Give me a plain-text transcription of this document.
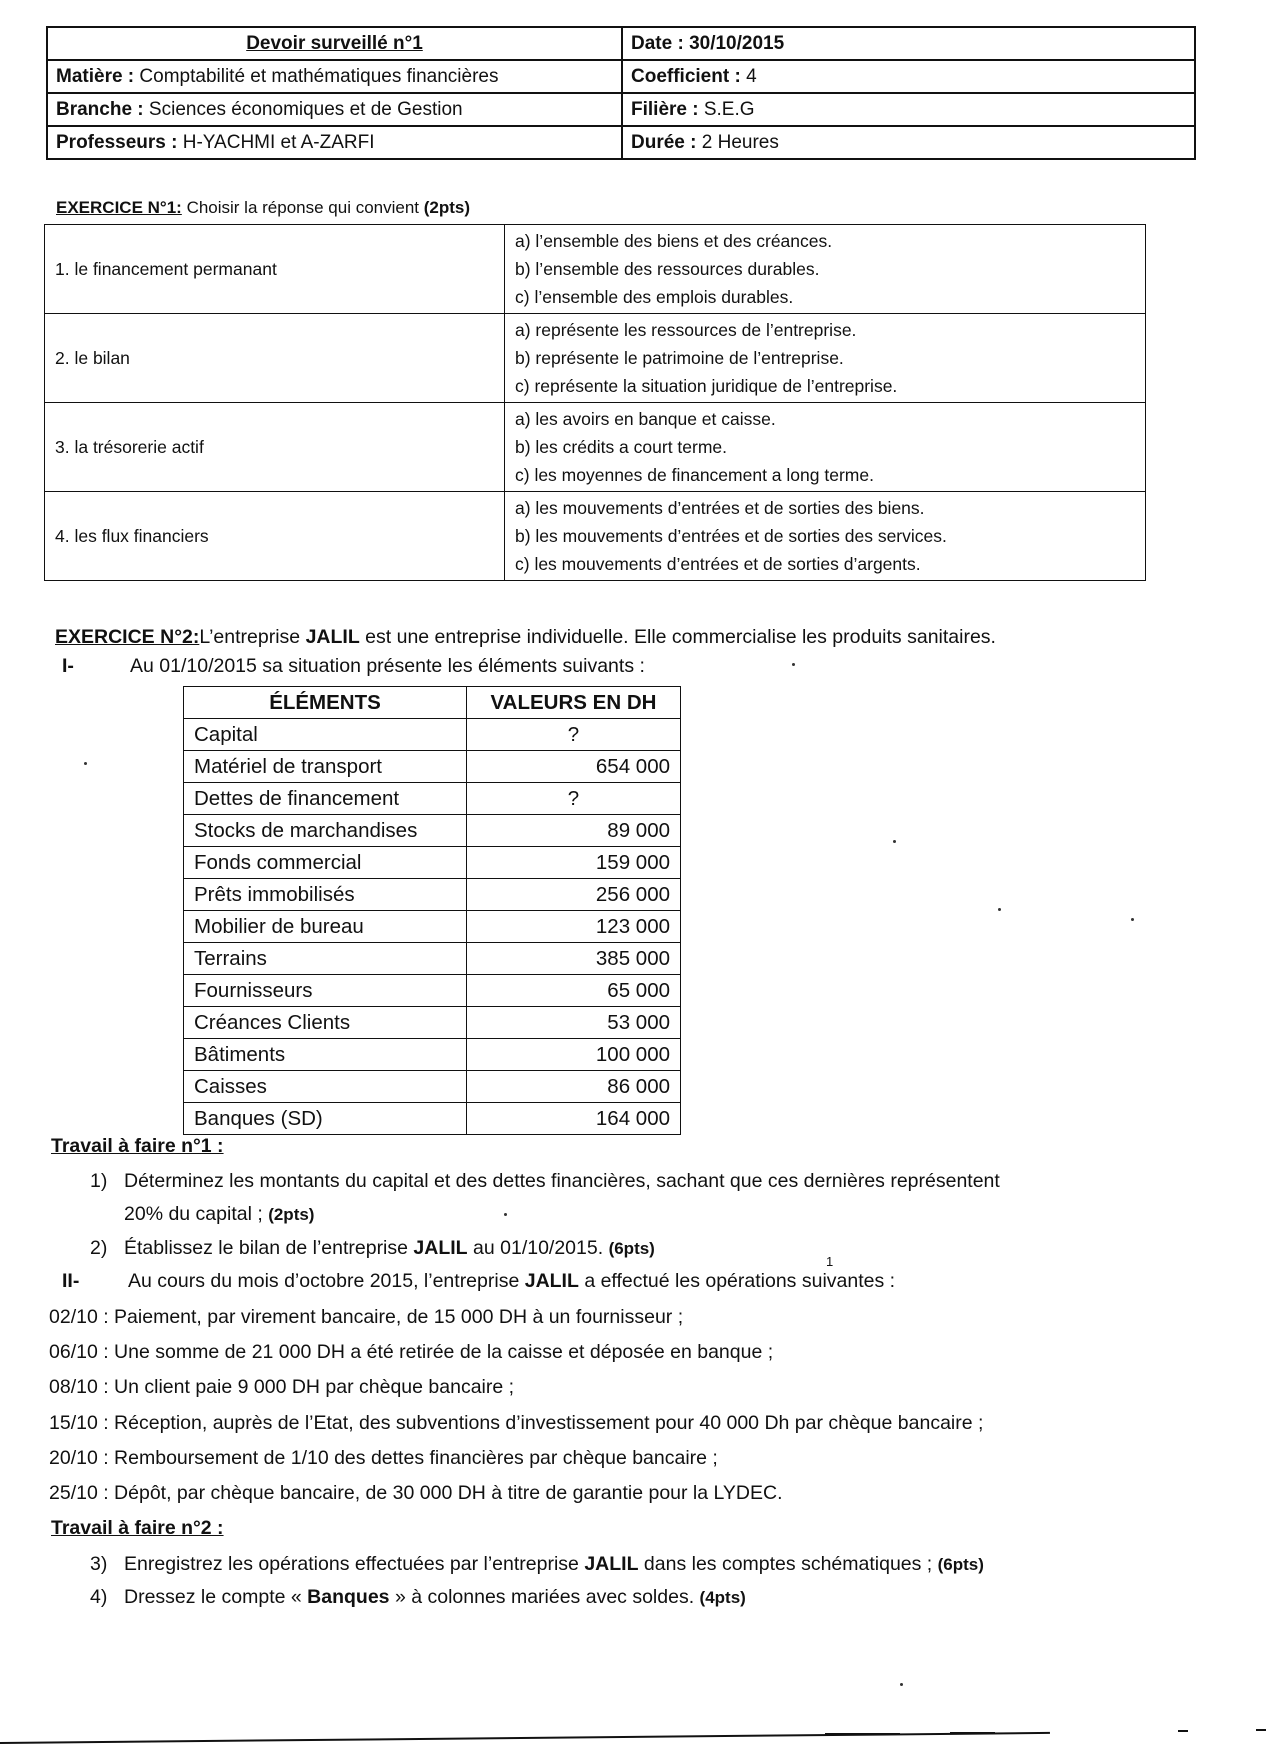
Devoir surveillé n°1	Date : 30/10/2015
Matière : Comptabilité et mathématiques financières	Coefficient : 4
Branche : Sciences économiques et de Gestion	Filière : S.E.G
Professeurs : H-YACHMI et A-ZARFI	Durée : 2 Heures
EXERCICE N°1: Choisir la réponse qui convient (2pts)
1. le financement permanant	a) l’ensemble des biens et des créances.
b) l’ensemble des ressources durables.
c) l’ensemble des emplois durables.

2. le bilan	a) représente les ressources de l’entreprise.
b) représente le patrimoine de l’entreprise.
c) représente la situation juridique de l’entreprise.

3. la trésorerie actif	a) les avoirs en banque et caisse.
b) les crédits a court terme.
c) les moyennes de financement a long terme.

4. les flux financiers	a) les mouvements d’entrées et de sorties des biens.
b) les mouvements d’entrées et de sorties des services.
c) les mouvements d’entrées et de sorties d’argents.
EXERCICE N°2:L’entreprise JALIL est une entreprise individuelle. Elle commercialise les produits sanitaires.
I-	Au 01/10/2015 sa situation présente les éléments suivants :
ÉLÉMENTS	VALEURS EN DH
Capital	?
Matériel de transport	654 000
Dettes de financement	?
Stocks de marchandises	89 000
Fonds commercial	159 000
Prêts immobilisés	256 000
Mobilier de bureau	123 000
Terrains	385 000
Fournisseurs	65 000
Créances Clients	53 000
Bâtiments	100 000
Caisses	86 000
Banques (SD)	164 000
Travail à faire n°1 :
1) Déterminez les montants du capital et des dettes financières, sachant que ces dernières représentent
20% du capital ; (2pts)
2) Établissez le bilan de l’entreprise JALIL au 01/10/2015. (6pts)
II- Au cours du mois d’octobre 2015, l’entreprise JALIL a effectué les opérations suivantes :
02/10 : Paiement, par virement bancaire, de 15 000 DH à un fournisseur ;
06/10 : Une somme de 21 000 DH a été retirée de la caisse et déposée en banque ;
08/10 : Un client paie 9 000 DH par chèque bancaire ;
15/10 : Réception, auprès de l’Etat, des subventions d’investissement pour 40 000 Dh par chèque bancaire ;
20/10 : Remboursement de 1/10 des dettes financières par chèque bancaire ;
25/10 : Dépôt, par chèque bancaire, de 30 000 DH à titre de garantie pour la LYDEC.
Travail à faire n°2 :
3) Enregistrez les opérations effectuées par l’entreprise JALIL dans les comptes schématiques ; (6pts)
4) Dressez le compte « Banques » à colonnes mariées avec soldes. (4pts)
1
